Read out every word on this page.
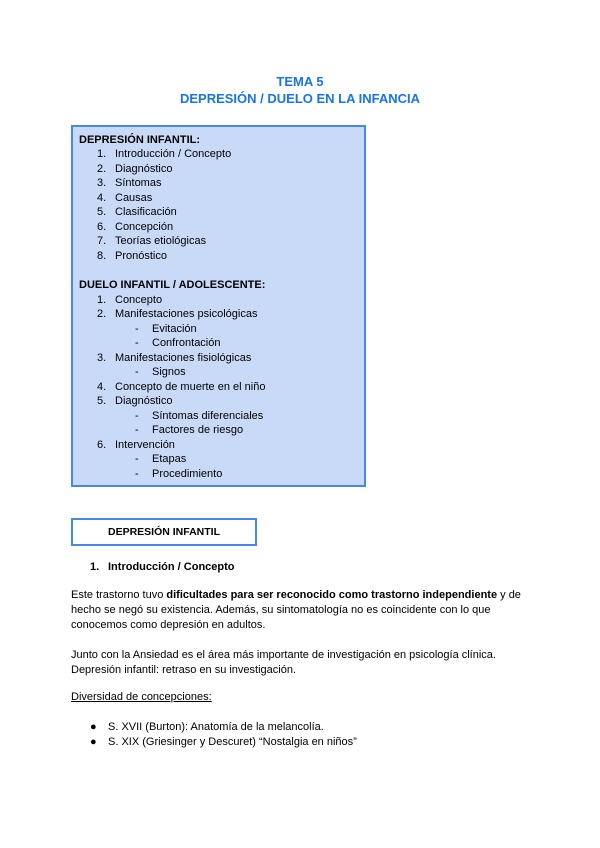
TEMA 5
DEPRESIÓN / DUELO EN LA INFANCIA
DEPRESIÓN INFANTIL:
1. Introducción / Concepto
2. Diagnóstico
3. Síntomas
4. Causas
5. Clasificación
6. Concepción
7. Teorías etiológicas
8. Pronóstico
DUELO INFANTIL / ADOLESCENTE:
1. Concepto
2. Manifestaciones psicológicas
- Evitación
- Confrontación
3. Manifestaciones fisiológicas
- Signos
4. Concepto de muerte en el niño
5. Diagnóstico
- Síntomas diferenciales
- Factores de riesgo
6. Intervención
- Etapas
- Procedimiento
DEPRESIÓN INFANTIL
1. Introducción / Concepto
Este trastorno tuvo dificultades para ser reconocido como trastorno independiente y de hecho se negó su existencia. Además, su sintomatología no es coincidente con lo que conocemos como depresión en adultos.
Junto con la Ansiedad es el área más importante de investigación en psicología clínica.
Depresión infantil: retraso en su investigación.
Diversidad de concepciones:
● S. XVII (Burton): Anatomía de la melancolía.
● S. XIX (Griesinger y Descuret) “Nostalgia en niños”
